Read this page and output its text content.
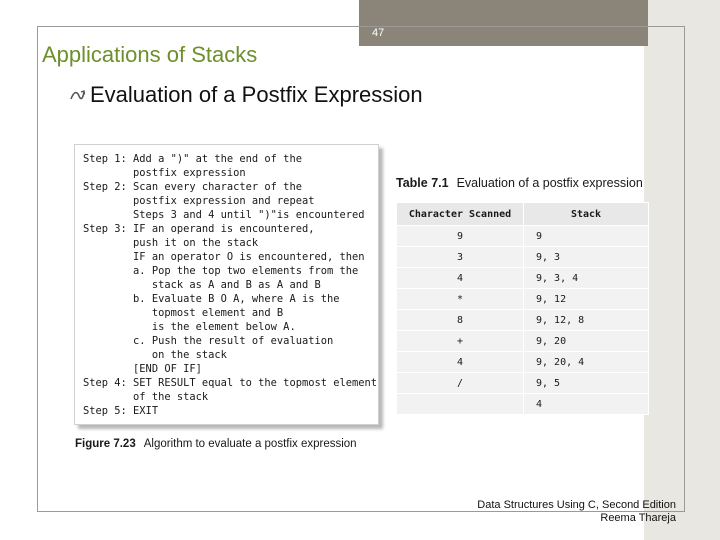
47
Applications of Stacks
Evaluation of a Postfix Expression
Step 1: Add a ")" at the end of the
postfix expression
Step 2: Scan every character of the
postfix expression and repeat
Steps 3 and 4 until ")"is encountered
Step 3: IF an operand is encountered,
push it on the stack
IF an operator O is encountered, then
a. Pop the top two elements from the
stack as A and B as A and B
b. Evaluate B O A, where A is the
topmost element and B
is the element below A.
c. Push the result of evaluation
on the stack
[END OF IF]
Step 4: SET RESULT equal to the topmost element
of the stack
Step 5: EXIT
Figure 7.23 Algorithm to evaluate a postfix expression
Table 7.1 Evaluation of a postfix expression
Character Scanned	Stack
9	9
3	9, 3
4	9, 3, 4
*	9, 12
8	9, 12, 8
+	9, 20
4	9, 20, 4
/	9, 5
	4
Data Structures Using C, Second Edition
Reema Thareja
